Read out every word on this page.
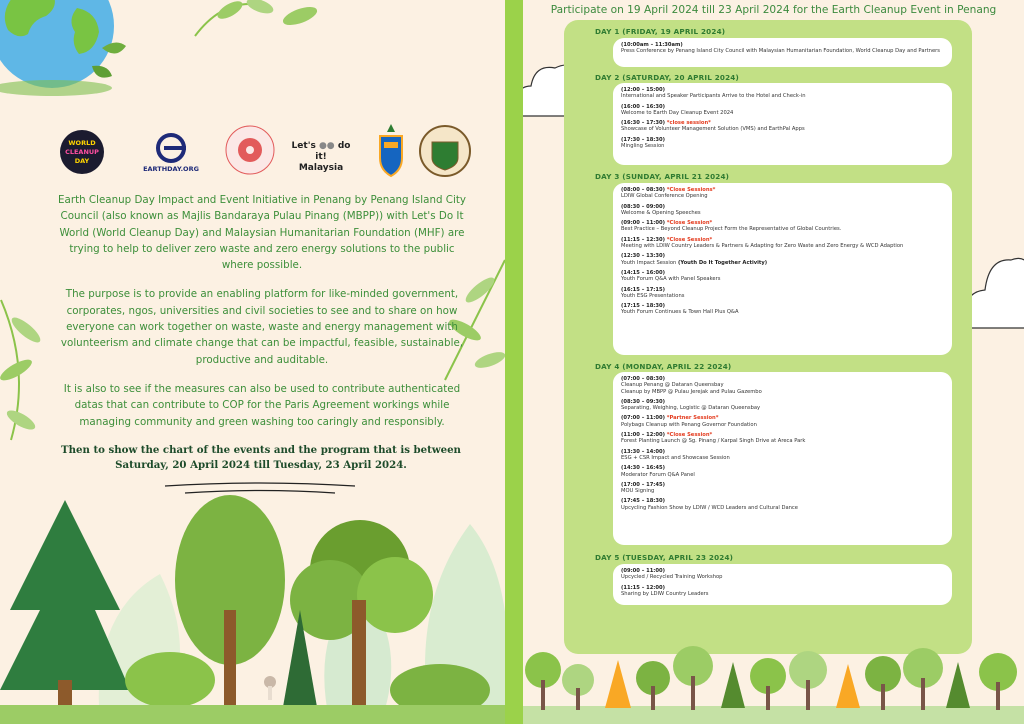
WORLD
CLEANUP
DAY
EARTHDAY.ORG
Let's ●● do it!
Malaysia

Earth Cleanup Day Impact and Event Initiative in Penang by Penang Island City Council (also known as Majlis Bandaraya Pulau Pinang (MBPP)) with Let's Do It World (World Cleanup Day) and Malaysian Humanitarian Foundation (MHF) are trying to help to deliver zero waste and zero energy solutions to the public where possible.

The purpose is to provide an enabling platform for like-minded government, corporates, ngos, universities and civil societies to see and to share on how everyone can work together on waste, waste and energy management with volunteerism and climate change that can be impactful, feasible, sustainable, productive and auditable.

It is also to see if the measures can also be used to contribute authenticated datas that can contribute to COP for the Paris Agreement workings while managing community and green washing too caringly and responsibly.

Then to show the chart of the events and the program that is between Saturday, 20 April 2024 till Tuesday, 23 April 2024.

Participate on 19 April 2024 till 23 April 2024 for the Earth Cleanup Event in Penang
DAY 1 (FRIDAY, 19 APRIL 2024)
(10:00am – 11:30am)
Press Conference by Penang Island City Council with Malaysian Humanitarian Foundation, World Cleanup Day and Partners
DAY 2 (SATURDAY, 20 APRIL 2024)
(12:00 – 15:00)
International and Speaker Participants Arrive to the Hotel and Check-in
(16:00 – 16:30)
Welcome to Earth Day Cleanup Event 2024
(16:30 – 17:30) *close session*
Showcase of Volunteer Management Solution (VMS) and EarthPal Apps
(17:30 – 18:30)
Mingling Session
DAY 3 (SUNDAY, APRIL 21 2024)
(08:00 – 08:30) *Close Sessions*
LDIW Global Conference Opening
(08:30 – 09:00)
Welcome & Opening Speeches
(09:00 – 11:00) *Close Session*
Best Practice – Beyond Cleanup Project Form the Representative of Global Countries.
(11:15 – 12:30) *Close Session*
Meeting with LDIW Country Leaders & Partners & Adapting for Zero Waste and Zero Energy & WCD Adaption
(12:30 – 13:30)
Youth Impact Session (Youth Do It Together Activity)
(14:15 – 16:00)
Youth Forum Q&A with Panel Speakers
(16:15 – 17:15)
Youth ESG Presentations
(17:15 – 18:30)
Youth Forum Continues & Town Hall Plus Q&A
DAY 4 (MONDAY, APRIL 22 2024)
(07:00 – 08:30)
Cleanup Penang @ Dataran Queensbay
Cleanup by MBPP @ Pulau Jerejak and Pulau Gazembo
(08:30 – 09:30)
Separating, Weighing, Logistic @ Dataran Queensbay
(07:00 – 11:00) *Partner Session*
Polybags Cleanup with Penang Governor Foundation
(11:00 – 12:00) *Close Session*
Forest Planting Launch @ Sg. Pinang / Karpal Singh Drive at Areca Park
(13:30 – 14:00)
ESG + CSR Impact and Showcase Session
(14:30 – 16:45)
Moderator Forum Q&A Panel
(17:00 – 17:45)
MOU Signing
(17:45 – 18:30)
Upcycling Fashion Show by LDIW / WCD Leaders and Cultural Dance
DAY 5 (TUESDAY, APRIL 23 2024)
(09:00 – 11:00)
Upcycled / Recycled Training Workshop
(11:15 – 12:00)
Sharing by LDIW Country Leaders
